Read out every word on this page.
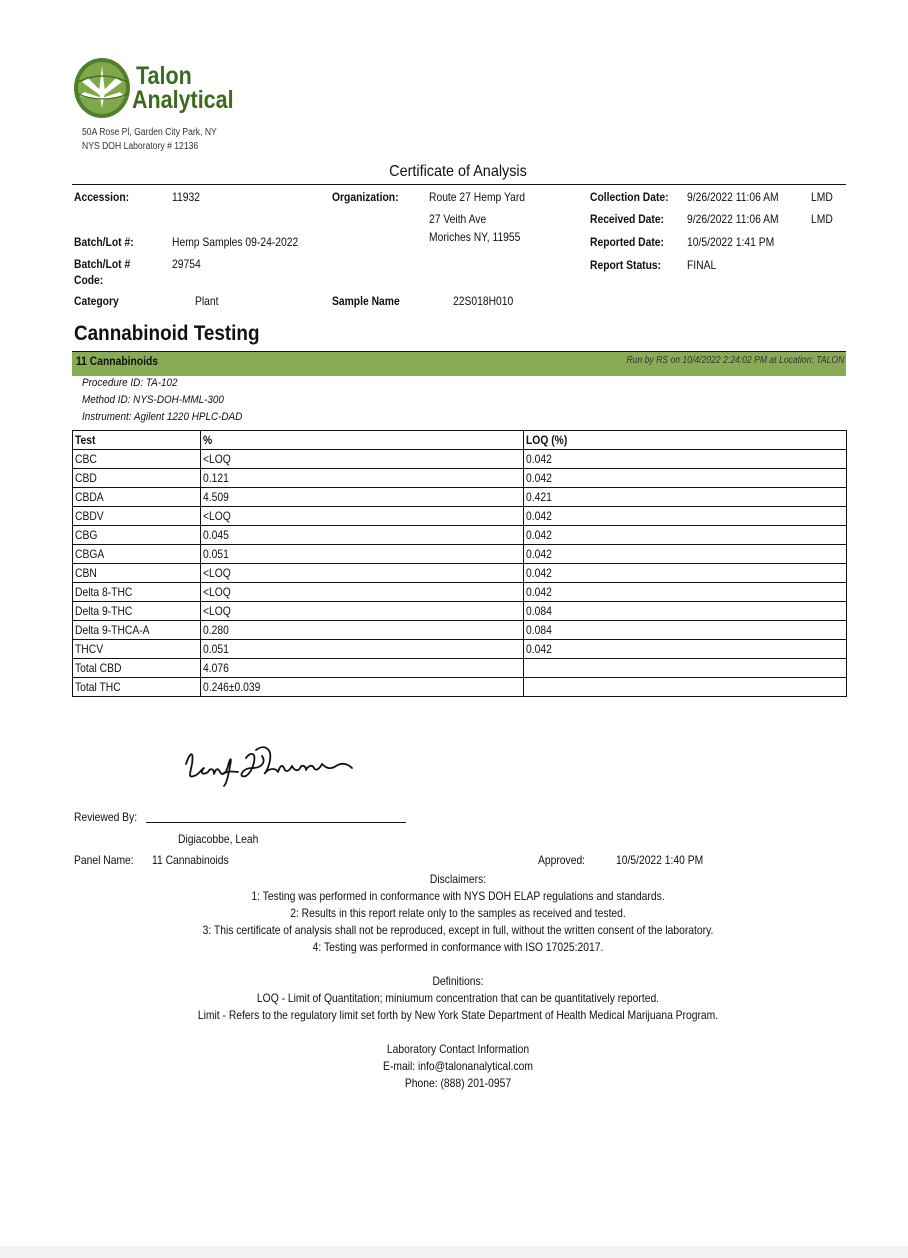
Talon
Analytical
50A Rose Pl, Garden City Park, NY
NYS DOH Laboratory # 12136
Certificate of Analysis
Accession:	11932
Batch/Lot #:	Hemp Samples 09-24-2022
Batch/Lot #
Code:
29754
Category	Plant
Organization:	Route 27 Hemp Yard
27 Veith Ave
Moriches NY, 11955
Sample Name	22S018H010
Collection Date:	9/26/2022 11:06 AM	LMD
Received Date:	9/26/2022 11:06 AM	LMD
Reported Date:	10/5/2022 1:41 PM
Report Status:	FINAL
Cannabinoid Testing
11 Cannabinoids	Run by RS on 10/4/2022 2:24:02 PM at Location: TALON
Procedure ID: TA-102
Method ID: NYS-DOH-MML-300
Instrument: Agilent 1220 HPLC-DAD
Test	%	LOQ (%)
CBC	<LOQ	0.042
CBD	0.121	0.042
CBDA	4.509	0.421
CBDV	<LOQ	0.042
CBG	0.045	0.042
CBGA	0.051	0.042
CBN	<LOQ	0.042
Delta 8-THC	<LOQ	0.042
Delta 9-THC	<LOQ	0.084
Delta 9-THCA-A	0.280	0.084
THCV	0.051	0.042
Total CBD	4.076	
Total THC	0.246±0.039	
Reviewed By:
Digiacobbe, Leah
Panel Name:	11 Cannabinoids	Approved:	10/5/2022 1:40 PM
Disclaimers:
1: Testing was performed in conformance with NYS DOH ELAP regulations and standards.
2: Results in this report relate only to the samples as received and tested.
3: This certificate of analysis shall not be reproduced, except in full, without the written consent of the laboratory.
4: Testing was performed in conformance with ISO 17025:2017.
Definitions:
LOQ - Limit of Quantitation; miniumum concentration that can be quantitatively reported.
Limit - Refers to the regulatory limit set forth by New York State Department of Health Medical Marijuana Program.
Laboratory Contact Information
E-mail: info@talonanalytical.com
Phone: (888) 201-0957
